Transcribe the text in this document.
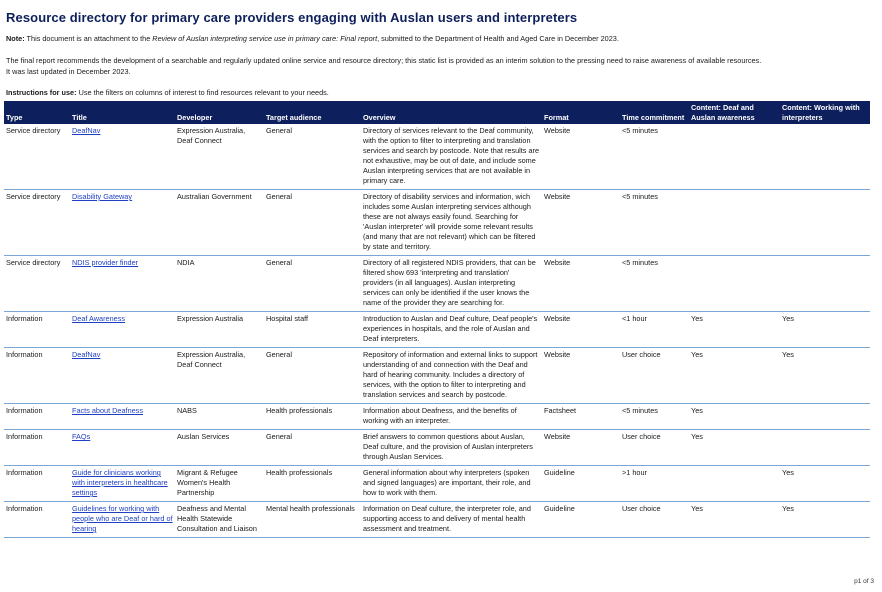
Resource directory for primary care providers engaging with Auslan users and interpreters
Note: This document is an attachment to the Review of Auslan interpreting service use in primary care: Final report, submitted to the Department of Health and Aged Care in December 2023.
The final report recommends the development of a searchable and regularly updated online service and resource directory; this static list is provided as an interim solution to the pressing need to raise awareness of available resources.
It was last updated in December 2023.
Instructions for use: Use the filters on columns of interest to find resources relevant to your needs.
Type	Title	Developer	Target audience	Overview	Format	Time commitment	Content: Deaf and Auslan awareness	Content: Working with interpreters
Service directory	DeafNav	Expression Australia, Deaf Connect	General	Directory of services relevant to the Deaf community, with the option to filter to interpreting and translation services and search by postcode. Note that results are not exhaustive, may be out of date, and include some Auslan interpreting services that are not available in primary care.	Website	<5 minutes		
Service directory	Disability Gateway	Australian Government	General	Directory of disability services and information, wich includes some Auslan interpreting services although these are not always easily found. Searching for 'Auslan interpreter' will provide some relevant results (and many that are not relevant) which can be filtered by state and territory.	Website	<5 minutes		
Service directory	NDIS provider finder	NDIA	General	Directory of all registered NDIS providers, that can be filtered show 693 'interpreting and translation' providers (in all languages). Auslan interpreting services can only be identified if the user knows the name of the provider they are searching for.	Website	<5 minutes		
Information	Deaf Awareness	Expression Australia	Hospital staff	Introduction to Auslan and Deaf culture, Deaf people's experiences in hospitals, and the role of Auslan and Deaf interpreters.	Website	<1 hour	Yes	Yes
Information	DeafNav	Expression Australia, Deaf Connect	General	Repository of information and external links to support understanding of and connection with the Deaf and hard of hearing community. Includes a directory of services, with the option to filter to interpreting and translation services and search by postcode.	Website	User choice	Yes	Yes
Information	Facts about Deafness	NABS	Health professionals	Information about Deafness, and the benefits of working with an interpreter.	Factsheet	<5 minutes	Yes	
Information	FAQs	Auslan Services	General	Brief answers to common questions about Auslan, Deaf culture, and the provision of Auslan interpreters through Auslan Services.	Website	User choice	Yes	
Information	Guide for clinicians working with interpreters in healthcare settings	Migrant & Refugee Women's Health Partnership	Health professionals	General information about why interpreters (spoken and signed languages) are important, their role, and how to work with them.	Guideline	>1 hour		Yes
Information	Guidelines for working with people who are Deaf or hard of hearing	Deafness and Mental Health Statewide Consultation and Liaison	Mental health professionals	Information on Deaf culture, the interpreter role, and supporting access to and delivery of mental health assessment and treatment.	Guideline	User choice	Yes	Yes
p1 of 3
